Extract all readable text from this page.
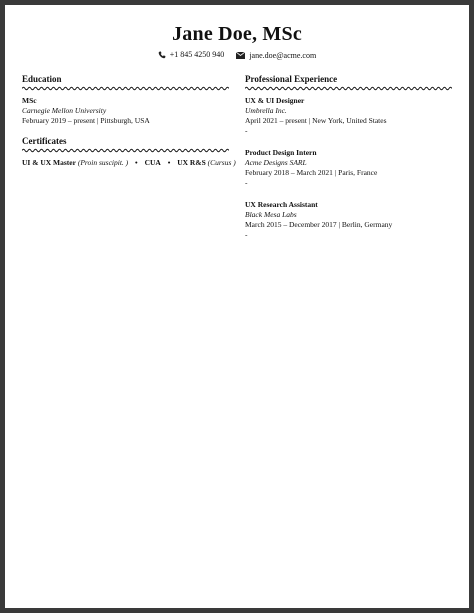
Jane Doe, MSc
+1 845 4250 940
	jane.doe@acme.com
Education
MSc
Carnegie Mellon University
February 2019 – present | Pittsburgh, USA
Certificates
UI & UX Master (Proin suscipit. ) • CUA • UX R&S (Cursus )
Professional Experience
UX & UI Designer
Umbrella Inc.
April 2021 – present | New York, United States
-
Product Design Intern
Acme Designs SARL
February 2018 – March 2021 | Paris, France
-
UX Research Assistant
Black Mesa Labs
March 2015 – December 2017 | Berlin, Germany
-
